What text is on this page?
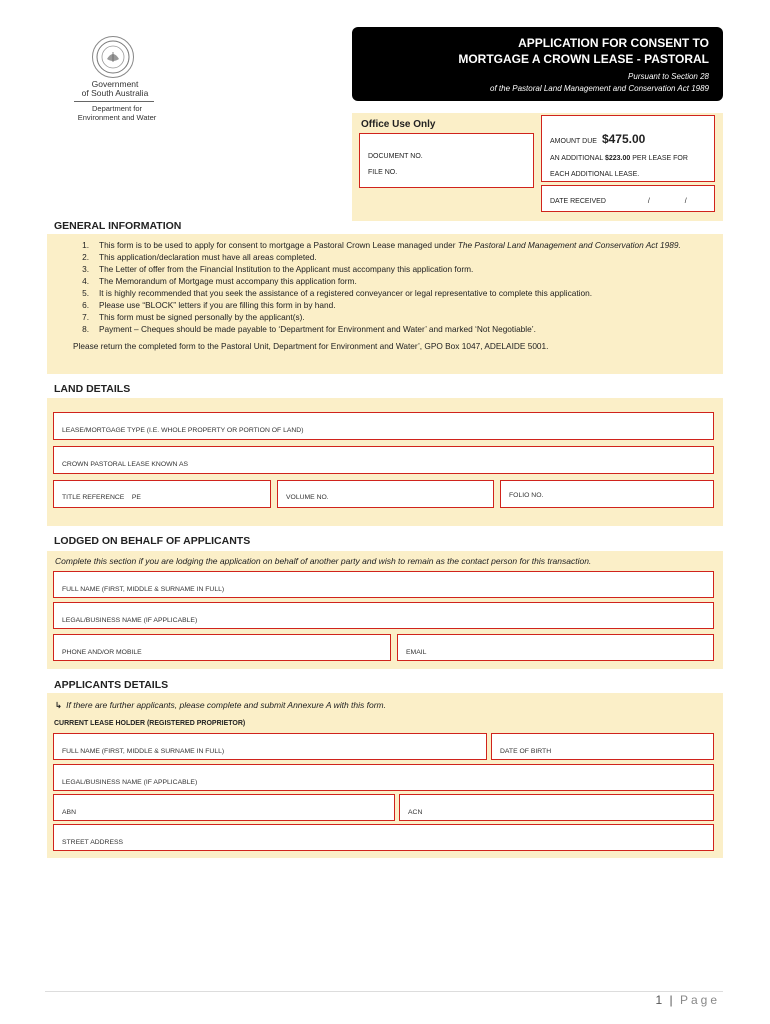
Government
of South Australia
Department for
Environment and Water
APPLICATION FOR CONSENT TO
MORTGAGE A CROWN LEASE - PASTORAL
Pursuant to Section 28
of the Pastoral Land Management and Conservation Act 1989
Office Use Only
DOCUMENT NO.
FILE NO.
AMOUNT DUE $475.00
AN ADDITIONAL $223.00 PER LEASE FOR
EACH ADDITIONAL LEASE.
DATE RECEIVED	/	/
GENERAL INFORMATION
1.	This form is to be used to apply for consent to mortgage a Pastoral Crown Lease managed under The Pastoral Land Management and Conservation Act 1989.
2.	This application/declaration must have all areas completed.
3.	The Letter of offer from the Financial Institution to the Applicant must accompany this application form.
4.	The Memorandum of Mortgage must accompany this application form.
5.	It is highly recommended that you seek the assistance of a registered conveyancer or legal representative to complete this application.
6.	Please use “BLOCK” letters if you are filling this form in by hand.
7.	This form must be signed personally by the applicant(s).
8.	Payment – Cheques should be made payable to ‘Department for Environment and Water’ and marked ‘Not Negotiable’.
Please return the completed form to the Pastoral Unit, Department for Environment and Water’, GPO Box 1047, ADELAIDE 5001.
LAND DETAILS
LEASE/MORTGAGE TYPE (I.E. WHOLE PROPERTY OR PORTION OF LAND)
CROWN PASTORAL LEASE KNOWN AS
TITLE REFERENCE PE	VOLUME NO.	FOLIO NO.
LODGED ON BEHALF OF APPLICANTS
Complete this section if you are lodging the application on behalf of another party and wish to remain as the contact person for this transaction.
FULL NAME (FIRST, MIDDLE & SURNAME IN FULL)
LEGAL/BUSINESS NAME (IF APPLICABLE)
PHONE AND/OR MOBILE	EMAIL
APPLICANTS DETAILS
↳ If there are further applicants, please complete and submit Annexure A with this form.
CURRENT LEASE HOLDER (REGISTERED PROPRIETOR)
FULL NAME (FIRST, MIDDLE & SURNAME IN FULL)	DATE OF BIRTH
LEGAL/BUSINESS NAME (IF APPLICABLE)
ABN	ACN
STREET ADDRESS
1 | Page
